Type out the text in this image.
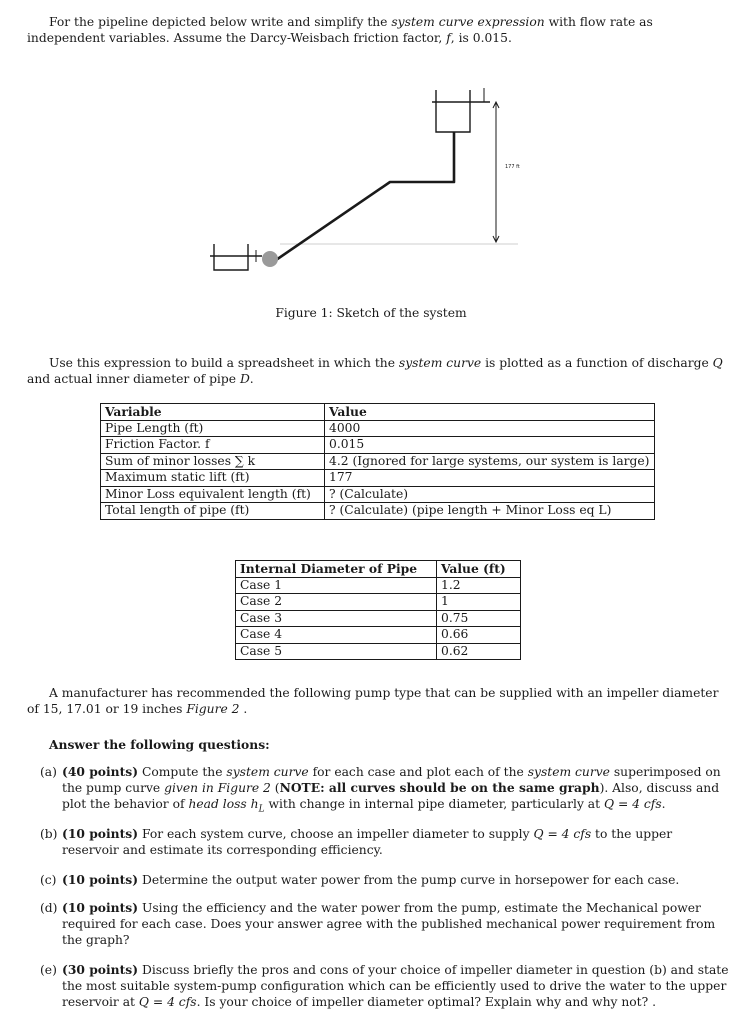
For the pipeline depicted below write and simplify the system curve expression with flow rate as independent variables. Assume the Darcy-Weisbach friction factor, f, is 0.015.
177 ft
Figure 1: Sketch of the system
Use this expression to build a spreadsheet in which the system curve is plotted as a function of discharge Q and actual inner diameter of pipe D.
Variable	Value
Pipe Length (ft)	4000
Friction Factor. f	0.015
Sum of minor losses ∑ k	4.2 (Ignored for large systems, our system is large)
Maximum static lift (ft)	177
Minor Loss equivalent length (ft)	? (Calculate)
Total length of pipe (ft)	? (Calculate) (pipe length + Minor Loss eq L)
Internal Diameter of Pipe	Value (ft)
Case 1	1.2
Case 2	1
Case 3	0.75
Case 4	0.66
Case 5	0.62
A manufacturer has recommended the following pump type that can be supplied with an impeller diameter of 15, 17.01 or 19 inches Figure 2 .
Answer the following questions:
(a) (40 points) Compute the system curve for each case and plot each of the system curve superimposed on the pump curve given in Figure 2 (NOTE: all curves should be on the same graph). Also, discuss and plot the behavior of head loss $h_L$ with change in internal pipe diameter, particularly at Q = 4 cfs.
(b) (10 points) For each system curve, choose an impeller diameter to supply Q = 4 cfs to the upper reservoir and estimate its corresponding efficiency.
(c) (10 points) Determine the output water power from the pump curve in horsepower for each case.
(d) (10 points) Using the efficiency and the water power from the pump, estimate the Mechanical power required for each case. Does your answer agree with the published mechanical power requirement from the graph?
(e) (30 points) Discuss briefly the pros and cons of your choice of impeller diameter in question (b) and state the most suitable system-pump configuration which can be efficiently used to drive the water to the upper reservoir at Q = 4 cfs. Is your choice of impeller diameter optimal? Explain why and why not? .
